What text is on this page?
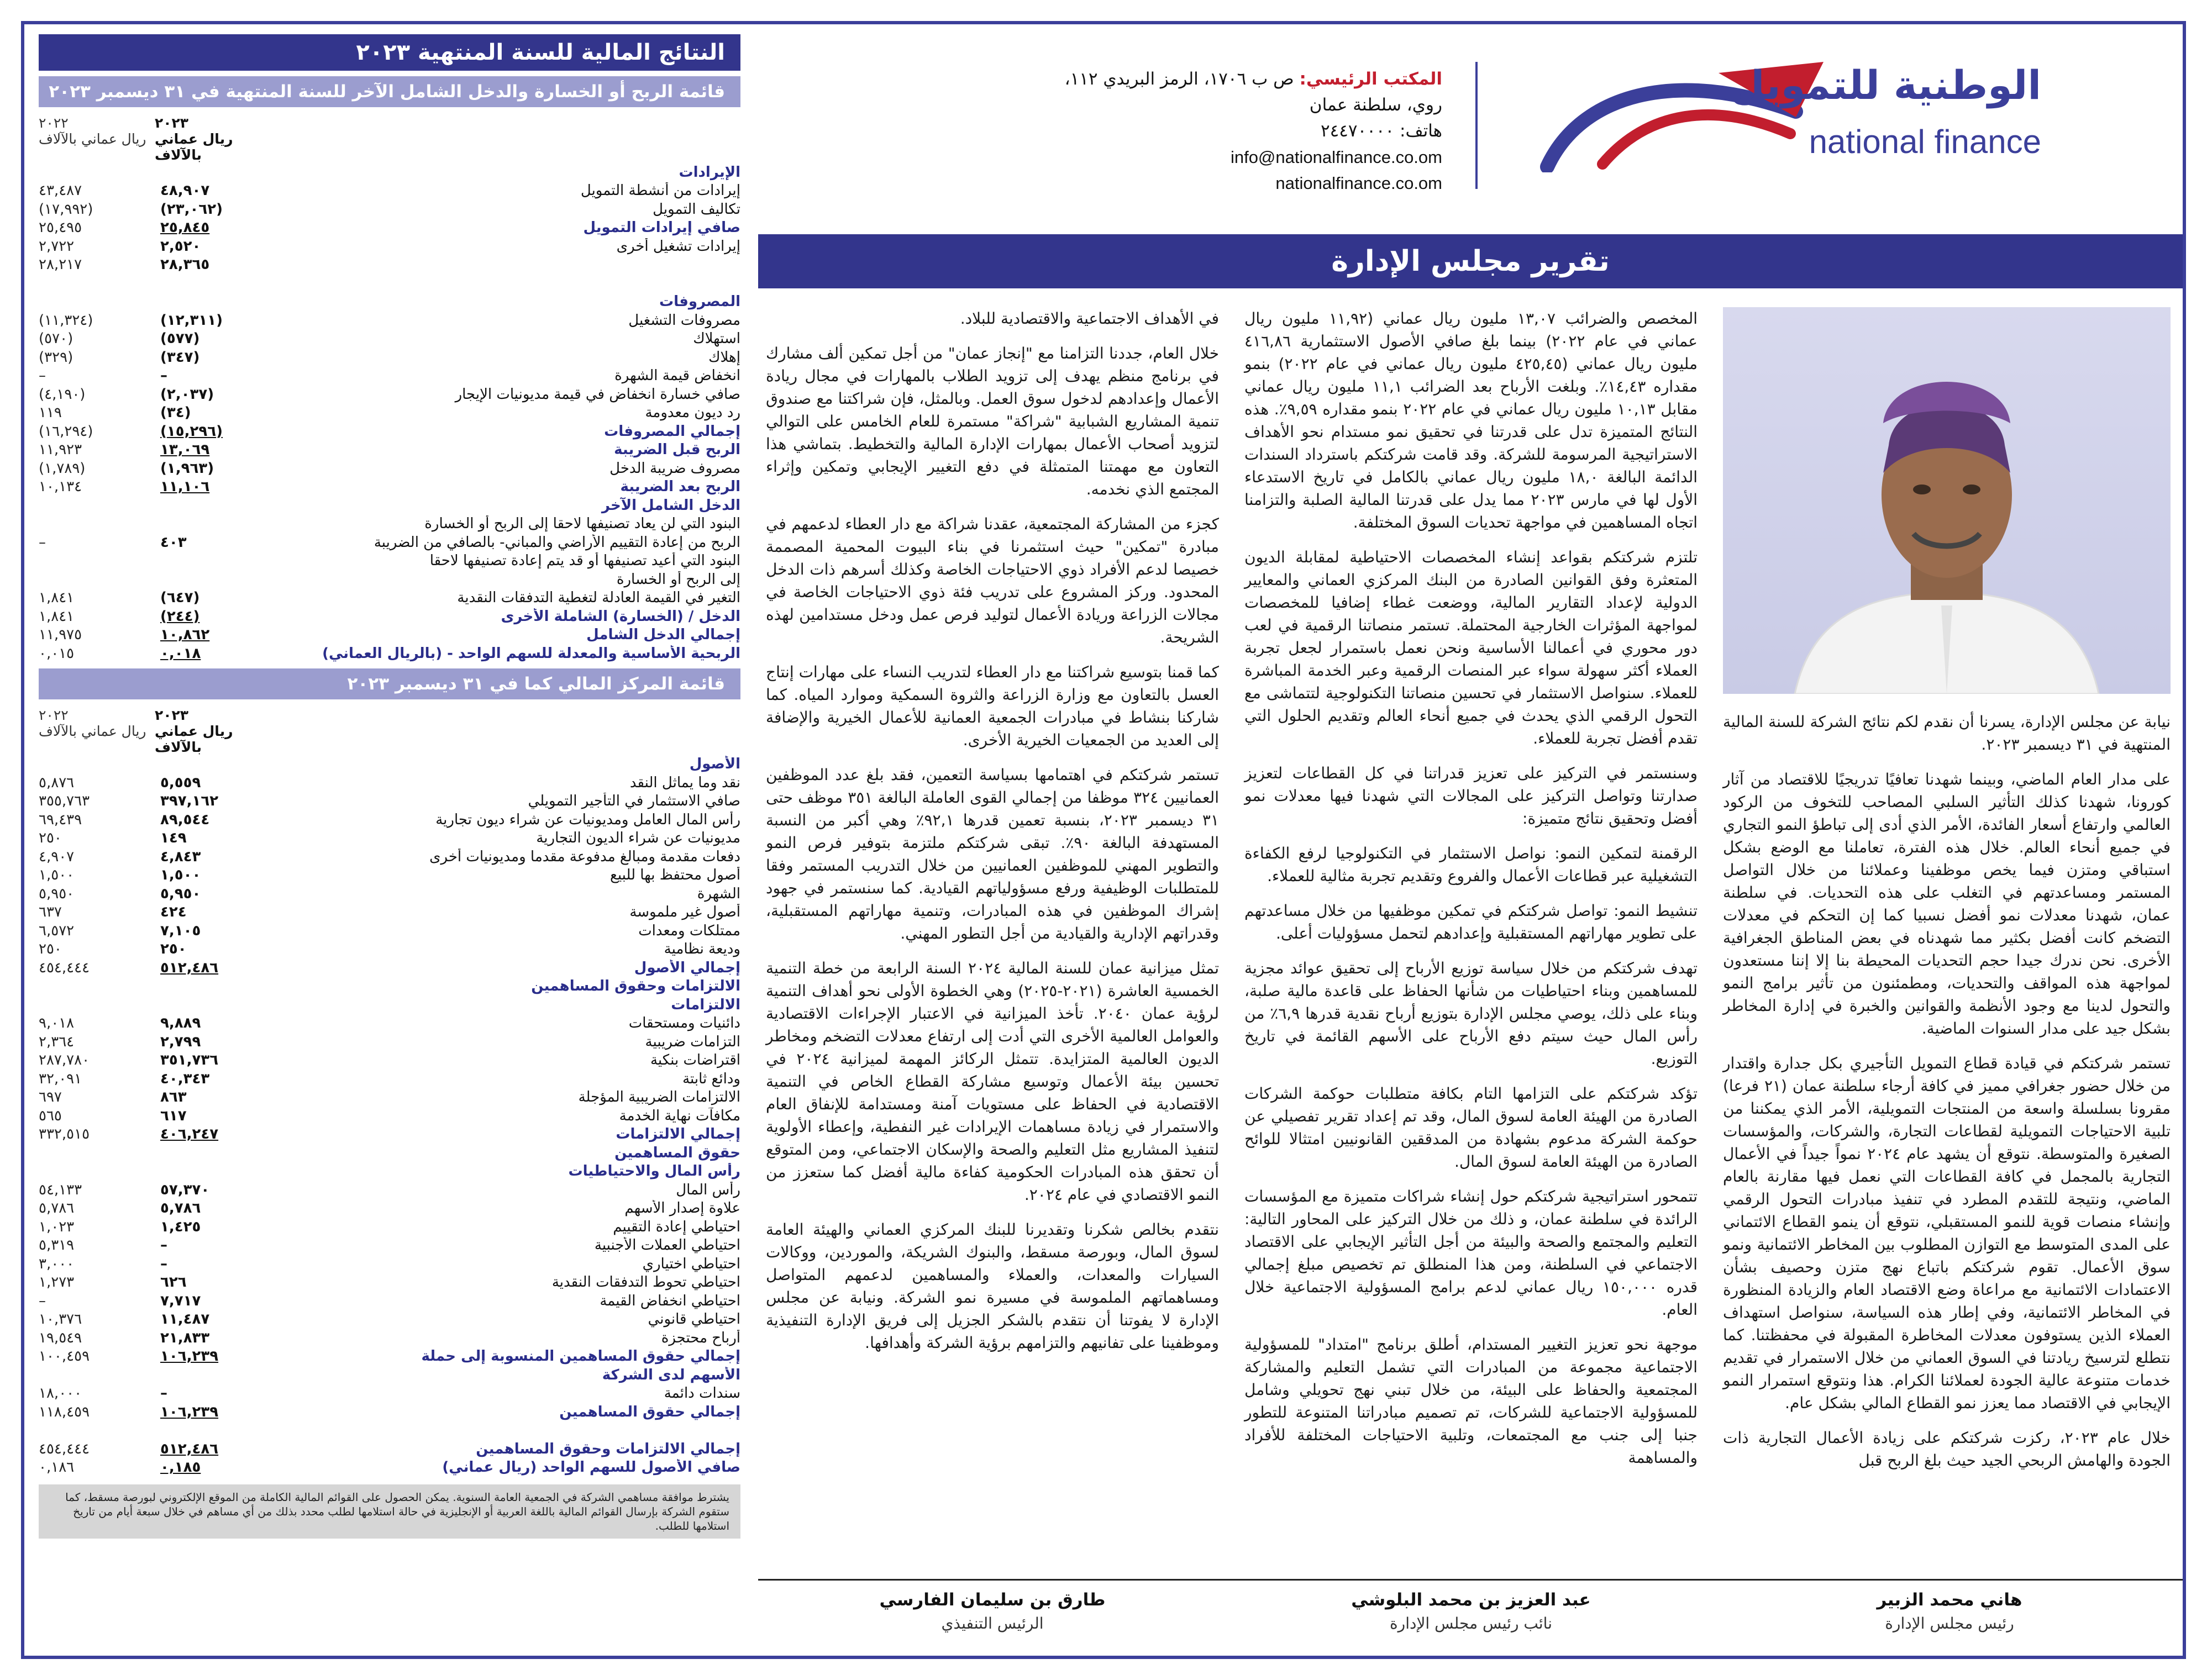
النتائج المالية للسنة المنتهية ٢٠٢٣
قائمة الربح أو الخسارة والدخل الشامل الآخر للسنة المنتهية في ٣١ ديسمبر ٢٠٢٣
٢٠٢٣
ريال عماني بالآلاف
٢٠٢٢
ريال عماني بالآلاف
الإيرادات
إيرادات من أنشطة التمويل
٤٨,٩٠٧
٤٣,٤٨٧
تكاليف التمويل
(٢٣,٠٦٢)
(١٧,٩٩٢)
صافي إيرادات التمويل
٢٥,٨٤٥
٢٥,٤٩٥
إيرادات تشغيل أخرى
٢,٥٢٠
٢,٧٢٢
٢٨,٣٦٥
٢٨,٢١٧
المصروفات
مصروفات التشغيل
(١٢,٣١١)
(١١,٣٢٤)
استهلاك
(٥٧٧)
(٥٧٠)
إهلاك
(٣٤٧)
(٣٢٩)
انخفاض قيمة الشهرة
–
–
صافي خسارة انخفاض في قيمة مديونيات الإيجار
(٢,٠٣٧)
(٤,١٩٠)
رد ديون معدومة
(٣٤)
١١٩
إجمالي المصروفات
(١٥,٢٩٦)
(١٦,٢٩٤)
الربح قبل الضريبة
١٣,٠٦٩
١١,٩٢٣
مصروف ضريبة الدخل
(١,٩٦٣)
(١,٧٨٩)
الربح بعد الضريبة
١١,١٠٦
١٠,١٣٤
الدخل الشامل الآخر
البنود التي لن يعاد تصنيفها لاحقا إلى الربح أو الخسارة
الربح من إعادة التقييم الأراضي والمباني- بالصافي من الضريبة
٤٠٣
–
البنود التي أعيد تصنيفها أو قد يتم إعادة تصنيفها لاحقا
إلى الربح أو الخسارة
التغير في القيمة العادلة لتغطية التدفقات النقدية
(٦٤٧)
١,٨٤١
الدخل / (الخسارة) الشاملة الأخرى
(٢٤٤)
١,٨٤١
إجمالي الدخل الشامل
١٠,٨٦٢
١١,٩٧٥
الربحية الأساسية والمعدلة للسهم الواحد - (بالريال العماني)
٠,٠١٨
٠,٠١٥
قائمة المركز المالي كما في ٣١ ديسمبر ٢٠٢٣
٢٠٢٣
ريال عماني بالآلاف
٢٠٢٢
ريال عماني بالآلاف
الأصول
نقد وما يماثل النقد
٥,٥٥٩
٥,٨٧٦
صافي الاستثمار في التأجير التمويلي
٣٩٧,١٦٢
٣٥٥,٧٦٣
رأس المال العامل ومديونيات عن شراء ديون تجارية
٨٩,٥٤٤
٦٩,٤٣٩
مديونيات عن شراء الديون التجارية
١٤٩
٢٥٠
دفعات مقدمة ومبالغ مدفوعة مقدما ومديونيات أخرى
٤,٨٤٣
٤,٩٠٧
أصول محتفظ بها للبيع
١,٥٠٠
١,٥٠٠
الشهرة
٥,٩٥٠
٥,٩٥٠
أصول غير ملموسة
٤٢٤
٦٣٧
ممتلكات ومعدات
٧,١٠٥
٦,٥٧٢
وديعة نظامية
٢٥٠
٢٥٠
إجمالي الأصول
٥١٢,٤٨٦
٤٥٤,٤٤٤
الالتزامات وحقوق المساهمين
الالتزامات
دائنيات ومستحقات
٩,٨٨٩
٩,٠١٨
التزامات ضريبية
٢,٧٩٩
٢,٣٦٤
اقتراضات بنكية
٣٥١,٧٣٦
٢٨٧,٧٨٠
ودائع ثابتة
٤٠,٣٤٣
٣٢,٠٩١
الالتزامات الضريبية المؤجلة
٨٦٣
٦٩٧
مكافآت نهاية الخدمة
٦١٧
٥٦٥
إجمالي الالتزامات
٤٠٦,٢٤٧
٣٣٢,٥١٥
حقوق المساهمين
رأس المال والاحتياطيات
رأس المال
٥٧,٣٧٠
٥٤,١٣٣
علاوة إصدار الأسهم
٥,٧٨٦
٥,٧٨٦
احتياطي إعادة التقييم
١,٤٢٥
١,٠٢٣
احتياطي العملات الأجنبية
–
٥,٣١٩
احتياطي اختياري
–
٣,٠٠٠
احتياطي تحوط التدفقات النقدية
٦٢٦
١,٢٧٣
احتياطي انخفاض القيمة
٧,٧١٧
–
احتياطي قانوني
١١,٤٨٧
١٠,٣٧٦
أرباح محتجزة
٢١,٨٣٣
١٩,٥٤٩
إجمالي حقوق المساهمين المنسوبة إلى حملة
١٠٦,٢٣٩
١٠٠,٤٥٩
الأسهم لدى الشركة
سندات دائمة
–
١٨,٠٠٠
إجمالي حقوق المساهمين
١٠٦,٢٣٩
١١٨,٤٥٩
إجمالي الالتزامات وحقوق المساهمين
٥١٢,٤٨٦
٤٥٤,٤٤٤
صافي الأصول للسهم الواحد (ريال عماني)
٠,١٨٥
٠,١٨٦
يشترط موافقة مساهمي الشركة في الجمعية العامة السنوية. يمكن الحصول على القوائم المالية الكاملة من الموقع الإلكتروني لبورصة مسقط، كما ستقوم الشركة بإرسال القوائم المالية باللغة العربية أو الإنجليزية في حالة استلامها لطلب محدد بذلك من أي مساهم في خلال سبعة أيام من تاريخ استلامها للطلب.
الوطنية للتمويل
national finance
المكتب الرئيسي: ص ب ١٧٠٦، الرمز البريدي ١١٢،
روي، سلطنة عمان
هاتف: ٢٤٤٧٠٠٠٠
info@nationalfinance.co.om
nationalfinance.co.om
تقرير مجلس الإدارة

نيابة عن مجلس الإدارة، يسرنا أن نقدم لكم نتائج الشركة للسنة المالية المنتهية في ٣١ ديسمبر ٢٠٢٣.

على مدار العام الماضي، وبينما شهدنا تعافيًا تدريجيًا للاقتصاد من آثار كورونا، شهدنا كذلك التأثير السلبي المصاحب للتخوف من الركود العالمي وارتفاع أسعار الفائدة، الأمر الذي أدى إلى تباطؤ النمو التجاري في جميع أنحاء العالم. خلال هذه الفترة، تعاملنا مع الوضع بشكل استباقي ومتزن فيما يخص موظفينا وعملائنا من خلال التواصل المستمر ومساعدتهم في التغلب على هذه التحديات. في سلطنة عمان، شهدنا معدلات نمو أفضل نسبيا كما إن التحكم في معدلات التضخم كانت أفضل بكثير مما شهدناه في بعض المناطق الجغرافية الأخرى. نحن ندرك جيدا حجم التحديات المحيطة بنا إلا إننا مستعدون لمواجهة هذه المواقف والتحديات، ومطمئنون من تأثير برامج النمو والتحول لدينا مع وجود الأنظمة والقوانين والخبرة في إدارة المخاطر بشكل جيد على مدار السنوات الماضية.

تستمر شركتكم في قيادة قطاع التمويل التأجيري بكل جدارة واقتدار من خلال حضور جغرافي مميز في كافة أرجاء سلطنة عمان (٢١ فرعا) مقرونا بسلسلة واسعة من المنتجات التمويلية، الأمر الذي يمكننا من تلبية الاحتياجات التمويلية لقطاعات التجارة، والشركات، والمؤسسات الصغيرة والمتوسطة. نتوقع أن يشهد عام ٢٠٢٤ نمواً جيداً في الأعمال التجارية بالمجمل في كافة القطاعات التي نعمل فيها مقارنة بالعام الماضي، ونتيجة للتقدم المطرد في تنفيذ مبادرات التحول الرقمي وإنشاء منصات قوية للنمو المستقبلي، نتوقع أن ينمو القطاع الائتماني على المدى المتوسط مع التوازن المطلوب بين المخاطر الائتمانية ونمو سوق الأعمال. تقوم شركتكم باتباع نهج متزن وحصيف بشأن الاعتمادات الائتمانية مع مراعاة وضع الاقتصاد العام والزيادة المنظورة في المخاطر الائتمانية، وفي إطار هذه السياسة، سنواصل استهداف العملاء الذين يستوفون معدلات المخاطرة المقبولة في محفظتنا. كما نتطلع لترسيخ ريادتنا في السوق العماني من خلال الاستمرار في تقديم خدمات متنوعة عالية الجودة لعملائنا الكرام. هذا ونتوقع استمرار النمو الإيجابي في الاقتصاد مما يعزز نمو القطاع المالي بشكل عام.

خلال عام ٢٠٢٣، ركزت شركتكم على زيادة الأعمال التجارية ذات الجودة والهامش الربحي الجيد حيث بلغ الربح قبل

المخصص والضرائب ١٣,٠٧ مليون ريال عماني (١١,٩٢ مليون ريال عماني في عام ٢٠٢٢) بينما بلغ صافي الأصول الاستثمارية ٤١٦,٨٦ مليون ريال عماني (٤٢٥,٤٥ مليون ريال عماني في عام ٢٠٢٢) بنمو مقداره ١٤,٤٣٪. وبلغت الأرباح بعد الضرائب ١١,١ مليون ريال عماني مقابل ١٠,١٣ مليون ريال عماني في عام ٢٠٢٢ بنمو مقداره ٩,٥٩٪. هذه النتائج المتميزة تدل على قدرتنا في تحقيق نمو مستدام نحو الأهداف الاستراتيجية المرسومة للشركة. وقد قامت شركتكم باسترداد السندات الدائمة البالغة ١٨,٠ مليون ريال عماني بالكامل في تاريخ الاستدعاء الأول لها في مارس ٢٠٢٣ مما يدل على قدرتنا المالية الصلبة والتزامنا اتجاه المساهمين في مواجهة تحديات السوق المختلفة.

تلتزم شركتكم بقواعد إنشاء المخصصات الاحتياطية لمقابلة الديون المتعثرة وفق القوانين الصادرة من البنك المركزي العماني والمعايير الدولية لإعداد التقارير المالية، ووضعت غطاء إضافيا للمخصصات لمواجهة المؤثرات الخارجية المحتملة. تستمر منصاتنا الرقمية في لعب دور محوري في أعمالنا الأساسية ونحن نعمل باستمرار لجعل تجربة العملاء أكثر سهولة سواء عبر المنصات الرقمية وعبر الخدمة المباشرة للعملاء. سنواصل الاستثمار في تحسين منصاتنا التكنولوجية لتتماشى مع التحول الرقمي الذي يحدث في جميع أنحاء العالم وتقديم الحلول التي تقدم أفضل تجربة للعملاء.

وسنستمر في التركيز على تعزيز قدراتنا في كل القطاعات لتعزيز صدارتنا وتواصل التركيز على المجالات التي شهدنا فيها معدلات نمو أفضل وتحقيق نتائج متميزة:

الرقمنة لتمكين النمو: نواصل الاستثمار في التكنولوجيا لرفع الكفاءة التشغيلية عبر قطاعات الأعمال والفروع وتقديم تجربة مثالية للعملاء.

تنشيط النمو: تواصل شركتكم في تمكين موظفيها من خلال مساعدتهم على تطوير مهاراتهم المستقبلية وإعدادهم لتحمل مسؤوليات أعلى.

تهدف شركتكم من خلال سياسة توزيع الأرباح إلى تحقيق عوائد مجزية للمساهمين وبناء احتياطيات من شأنها الحفاظ على قاعدة مالية صلبة، وبناء على ذلك، يوصي مجلس الإدارة بتوزيع أرباح نقدية قدرها ٦,٩٪ من رأس المال حيث سيتم دفع الأرباح على الأسهم القائمة في تاريخ التوزيع.

تؤكد شركتكم على التزامها التام بكافة متطلبات حوكمة الشركات الصادرة من الهيئة العامة لسوق المال، وقد تم إعداد تقرير تفصيلي عن حوكمة الشركة مدعوم بشهادة من المدققين القانونيين امتثالا للوائح الصادرة من الهيئة العامة لسوق المال.

تتمحور استراتيجية شركتكم حول إنشاء شراكات متميزة مع المؤسسات الرائدة في سلطنة عمان، و ذلك من خلال التركيز على المحاور التالية: التعليم والمجتمع والصحة والبيئة من أجل التأثير الإيجابي على الاقتصاد الاجتماعي في السلطنة، ومن هذا المنطلق تم تخصيص مبلغ إجمالي قدره ١٥٠,٠٠٠ ريال عماني لدعم برامج المسؤولية الاجتماعية خلال العام.

موجهة نحو تعزيز التغيير المستدام، أطلق برنامج "امتداد" للمسؤولية الاجتماعية مجموعة من المبادرات التي تشمل التعليم والمشاركة المجتمعية والحفاظ على البيئة، من خلال تبني نهج تحويلي وشامل للمسؤولية الاجتماعية للشركات، تم تصميم مبادراتنا المتنوعة للتطور جنبا إلى جنب مع المجتمعات، وتلبية الاحتياجات المختلفة للأفراد والمساهمة

في الأهداف الاجتماعية والاقتصادية للبلاد.

خلال العام، جددنا التزامنا مع "إنجاز عمان" من أجل تمكين ألف مشارك في برنامج منظم يهدف إلى تزويد الطلاب بالمهارات في مجال ريادة الأعمال وإعدادهم لدخول سوق العمل. وبالمثل، فإن شراكتنا مع صندوق تنمية المشاريع الشبابية "شراكة" مستمرة للعام الخامس على التوالي لتزويد أصحاب الأعمال بمهارات الإدارة المالية والتخطيط. بتماشي هذا التعاون مع مهمتنا المتمثلة في دفع التغيير الإيجابي وتمكين وإثراء المجتمع الذي نخدمه.

كجزء من المشاركة المجتمعية، عقدنا شراكة مع دار العطاء لدعمهم في مبادرة "تمكين" حيث استثمرنا في بناء البيوت المحمية المصممة خصيصا لدعم الأفراد ذوي الاحتياجات الخاصة وكذلك أسرهم ذات الدخل المحدود. وركز المشروع على تدريب فئة ذوي الاحتياجات الخاصة في مجالات الزراعة وريادة الأعمال لتوليد فرص عمل ودخل مستدامين لهذه الشريحة.

كما قمنا بتوسيع شراكتنا مع دار العطاء لتدريب النساء على مهارات إنتاج العسل بالتعاون مع وزارة الزراعة والثروة السمكية وموارد المياه. كما شاركنا بنشاط في مبادرات الجمعية العمانية للأعمال الخيرية والإضافة إلى العديد من الجمعيات الخيرية الأخرى.

تستمر شركتكم في اهتمامها بسياسة التعمين، فقد بلغ عدد الموظفين العمانيين ٣٢٤ موظفا من إجمالي القوى العاملة البالغة ٣٥١ موظف حتى ٣١ ديسمبر ٢٠٢٣، بنسبة تعمين قدرها ٩٢,١٪ وهي أكبر من النسبة المستهدفة البالغة ٩٠٪. تبقى شركتكم ملتزمة بتوفير فرص النمو والتطوير المهني للموظفين العمانيين من خلال التدريب المستمر وفقا للمتطلبات الوظيفية ورفع مسؤولياتهم القيادية. كما سنستمر في جهود إشراك الموظفين في هذه المبادرات، وتنمية مهاراتهم المستقبلية، وقدراتهم الإدارية والقيادية من أجل التطور المهني.

تمثل ميزانية عمان للسنة المالية ٢٠٢٤ السنة الرابعة من خطة التنمية الخمسية العاشرة (٢٠٢١-٢٠٢٥) وهي الخطوة الأولى نحو أهداف التنمية لرؤية عمان ٢٠٤٠. تأخذ الميزانية في الاعتبار الإجراءات الاقتصادية والعوامل العالمية الأخرى التي أدت إلى ارتفاع معدلات التضخم ومخاطر الديون العالمية المتزايدة. تتمثل الركائز المهمة لميزانية ٢٠٢٤ في تحسين بيئة الأعمال وتوسيع مشاركة القطاع الخاص في التنمية الاقتصادية في الحفاظ على مستويات آمنة ومستدامة للإنفاق العام والاستمرار في زيادة مساهمات الإيرادات غير النفطية، وإعطاء الأولوية لتنفيذ المشاريع مثل التعليم والصحة والإسكان الاجتماعي، ومن المتوقع أن تحقق هذه المبادرات الحكومية كفاءة مالية أفضل كما ستعزز من النمو الاقتصادي في عام ٢٠٢٤.

نتقدم بخالص شكرنا وتقديرنا للبنك المركزي العماني والهيئة العامة لسوق المال، وبورصة مسقط، والبنوك الشريكة، والموردين، ووكالات السيارات والمعدات، والعملاء والمساهمين لدعمهم المتواصل ومساهماتهم الملموسة في مسيرة نمو الشركة. ونيابة عن مجلس الإدارة لا يفوتنا أن نتقدم بالشكر الجزيل إلى فريق الإدارة التنفيذية وموظفينا على تفانيهم والتزامهم برؤية الشركة وأهدافها.

هاني محمد الزبير
رئيس مجلس الإدارة
عبد العزيز بن محمد البلوشي
نائب رئيس مجلس الإدارة
طارق بن سليمان الفارسي
الرئيس التنفيذي
